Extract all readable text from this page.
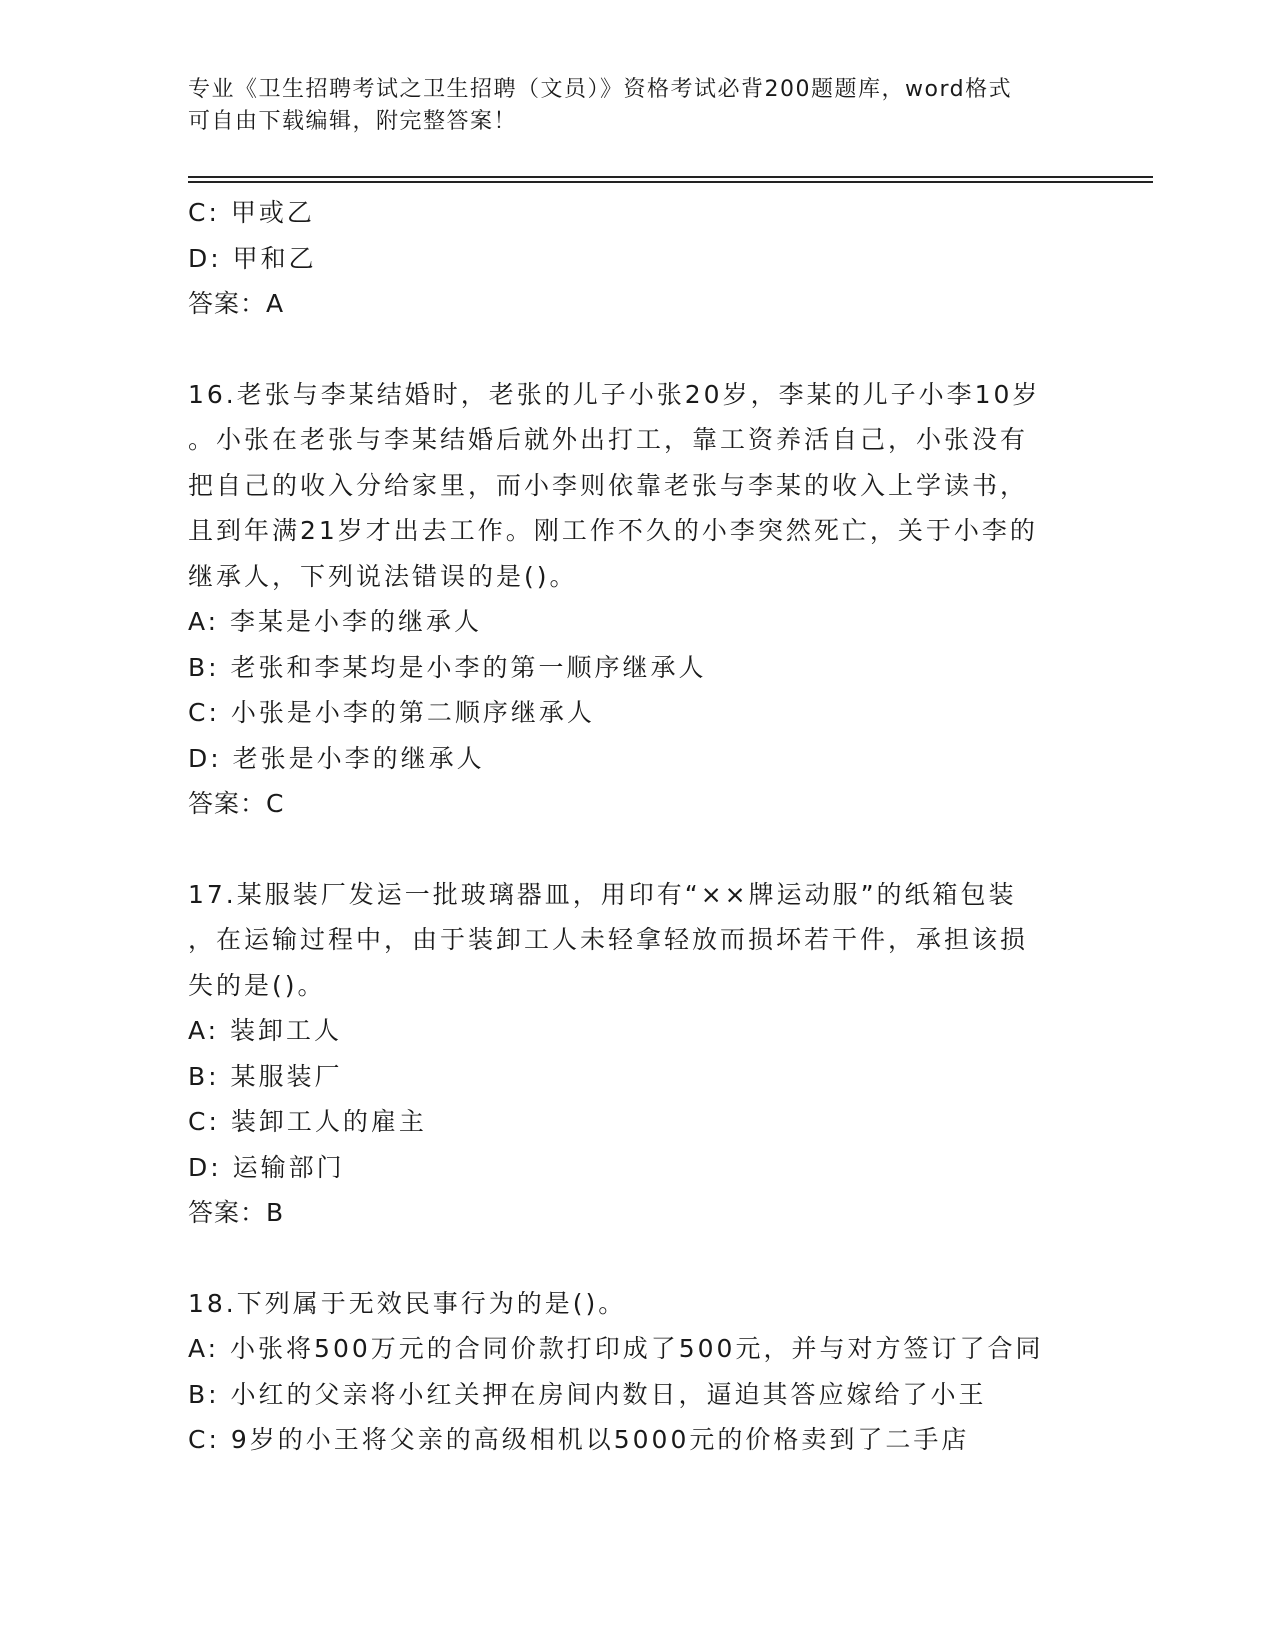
专业《卫生招聘考试之卫生招聘（文员）》资格考试必背200题题库，word格式
可自由下载编辑，附完整答案！
C: 甲或乙
D: 甲和乙
答案：A
16.老张与李某结婚时，老张的儿子小张20岁，李某的儿子小李10岁
。小张在老张与李某结婚后就外出打工，靠工资养活自己，小张没有
把自己的收入分给家里，而小李则依靠老张与李某的收入上学读书，
且到年满21岁才出去工作。刚工作不久的小李突然死亡，关于小李的
继承人，下列说法错误的是()。
A: 李某是小李的继承人
B: 老张和李某均是小李的第一顺序继承人
C: 小张是小李的第二顺序继承人
D: 老张是小李的继承人
答案：C
17.某服装厂发运一批玻璃器皿，用印有“××牌运动服”的纸箱包装
，在运输过程中，由于装卸工人未轻拿轻放而损坏若干件，承担该损
失的是()。
A: 装卸工人
B: 某服装厂
C: 装卸工人的雇主
D: 运输部门
答案：B
18.下列属于无效民事行为的是()。
A: 小张将500万元的合同价款打印成了500元，并与对方签订了合同
B: 小红的父亲将小红关押在房间内数日，逼迫其答应嫁给了小王
C: 9岁的小王将父亲的高级相机以5000元的价格卖到了二手店
